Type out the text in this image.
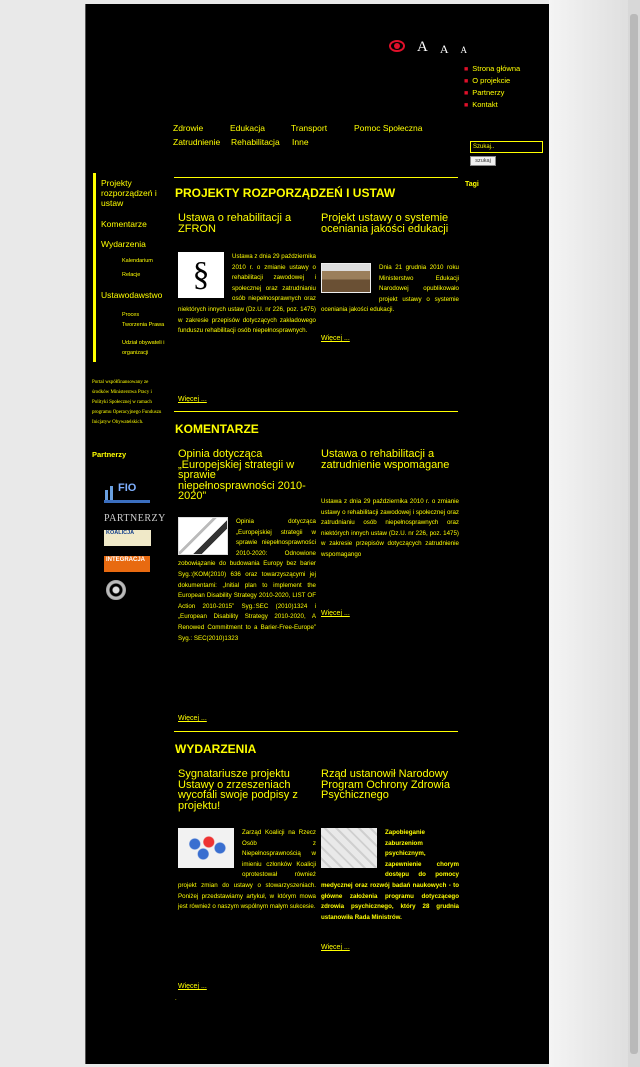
A A A
■ Strona główna
■ O projekcie
■ Partnerzy
■ Kontakt
Zdrowie	Edukacja	Transport	Pomoc Społeczna
Zatrudnienie Rehabilitacja Inne	Szukaj..
szukaj
Tagi
Projekty rozporządzeń i ustaw
Komentarze
Wydarzenia
Kalendarium
Relacje
Ustawodawstwo
Proces Tworzenia Prawa
Udział obywateli i organizacji
Portal współfinansowany ze środków Ministerstwa Pracy i Polityki Społecznej w ramach programu Operacyjnego Funduszu Inicjatyw Obywatelskich.
Partnerzy
FIO
PARTNERZY
KOALICJA
INTEGRACJA
PROJEKTY ROZPORZĄDZEŃ I USTAW
Ustawa o rehabilitacji a ZFRON
§	Ustawa z dnia 29 października 2010 r. o zmianie ustawy o rehabilitacji zawodowej i społecznej oraz zatrudnianiu osób niepełnosprawnych oraz niektórych innych ustaw (Dz.U. nr 226, poz. 1475) w zakresie przepisów dotyczących zakładowego funduszu rehabilitacji osób niepełnosprawnych.
Więcej ...
Projekt ustawy o systemie oceniania jakości edukacji
Dnia 21 grudnia 2010 roku Ministerstwo Edukacji Narodowej opublikowało projekt ustawy o systemie oceniania jakości edukacji.
Więcej ...
KOMENTARZE
Opinia dotycząca „Europejskiej strategii w sprawie niepełnosprawności 2010-2020”
Opinia dotycząca „Europejskiej strategii w sprawie niepełnosprawności 2010-2020: Odnowione zobowiązanie do budowania Europy bez barier Syg.:(KOM(2010) 636 oraz towarzyszącymi jej dokumentami: „Initial plan to implement the European Disability Strategy 2010-2020, LIST OF Action 2010-2015” Syg.:SEC (2010)1324 i „European Disability Strategy 2010-2020, A Renowed Commitment to a Barier-Free-Europe” Syg.: SEC(2010)1323
Więcej ...
Ustawa o rehabilitacji a zatrudnienie wspomagane
Ustawa z dnia 29 października 2010 r. o zmianie ustawy o rehabilitacji zawodowej i społecznej oraz zatrudnianiu osób niepełnosprawnych oraz niektórych innych ustaw (Dz.U. nr 226, poz. 1475) w zakresie przepisów dotyczących zatrudnienie wspomagango
Więcej ...
WYDARZENIA
Sygnatariusze projektu Ustawy o zrzeszeniach wycofali swoje podpisy z projektu!
Zarząd Koalicji na Rzecz Osób z Niepełnosprawnością w imieniu członków Koalicji oprotestował również projekt zmian do ustawy o stowarzyszeniach. Poniżej przedstawiamy artykuł, w którym mowa jest również o naszym wspólnym małym sukcesie.
Więcej ...
Rząd ustanowił Narodowy Program Ochrony Zdrowia Psychicznego
Zapobieganie zaburzeniom psychicznym, zapewnienie chorym dostępu do pomocy medycznej oraz rozwój badań naukowych - to główne założenia programu dotyczącego zdrowia psychicznego, który 28 grudnia ustanowiła Rada Ministrów.
Więcej ...
.
